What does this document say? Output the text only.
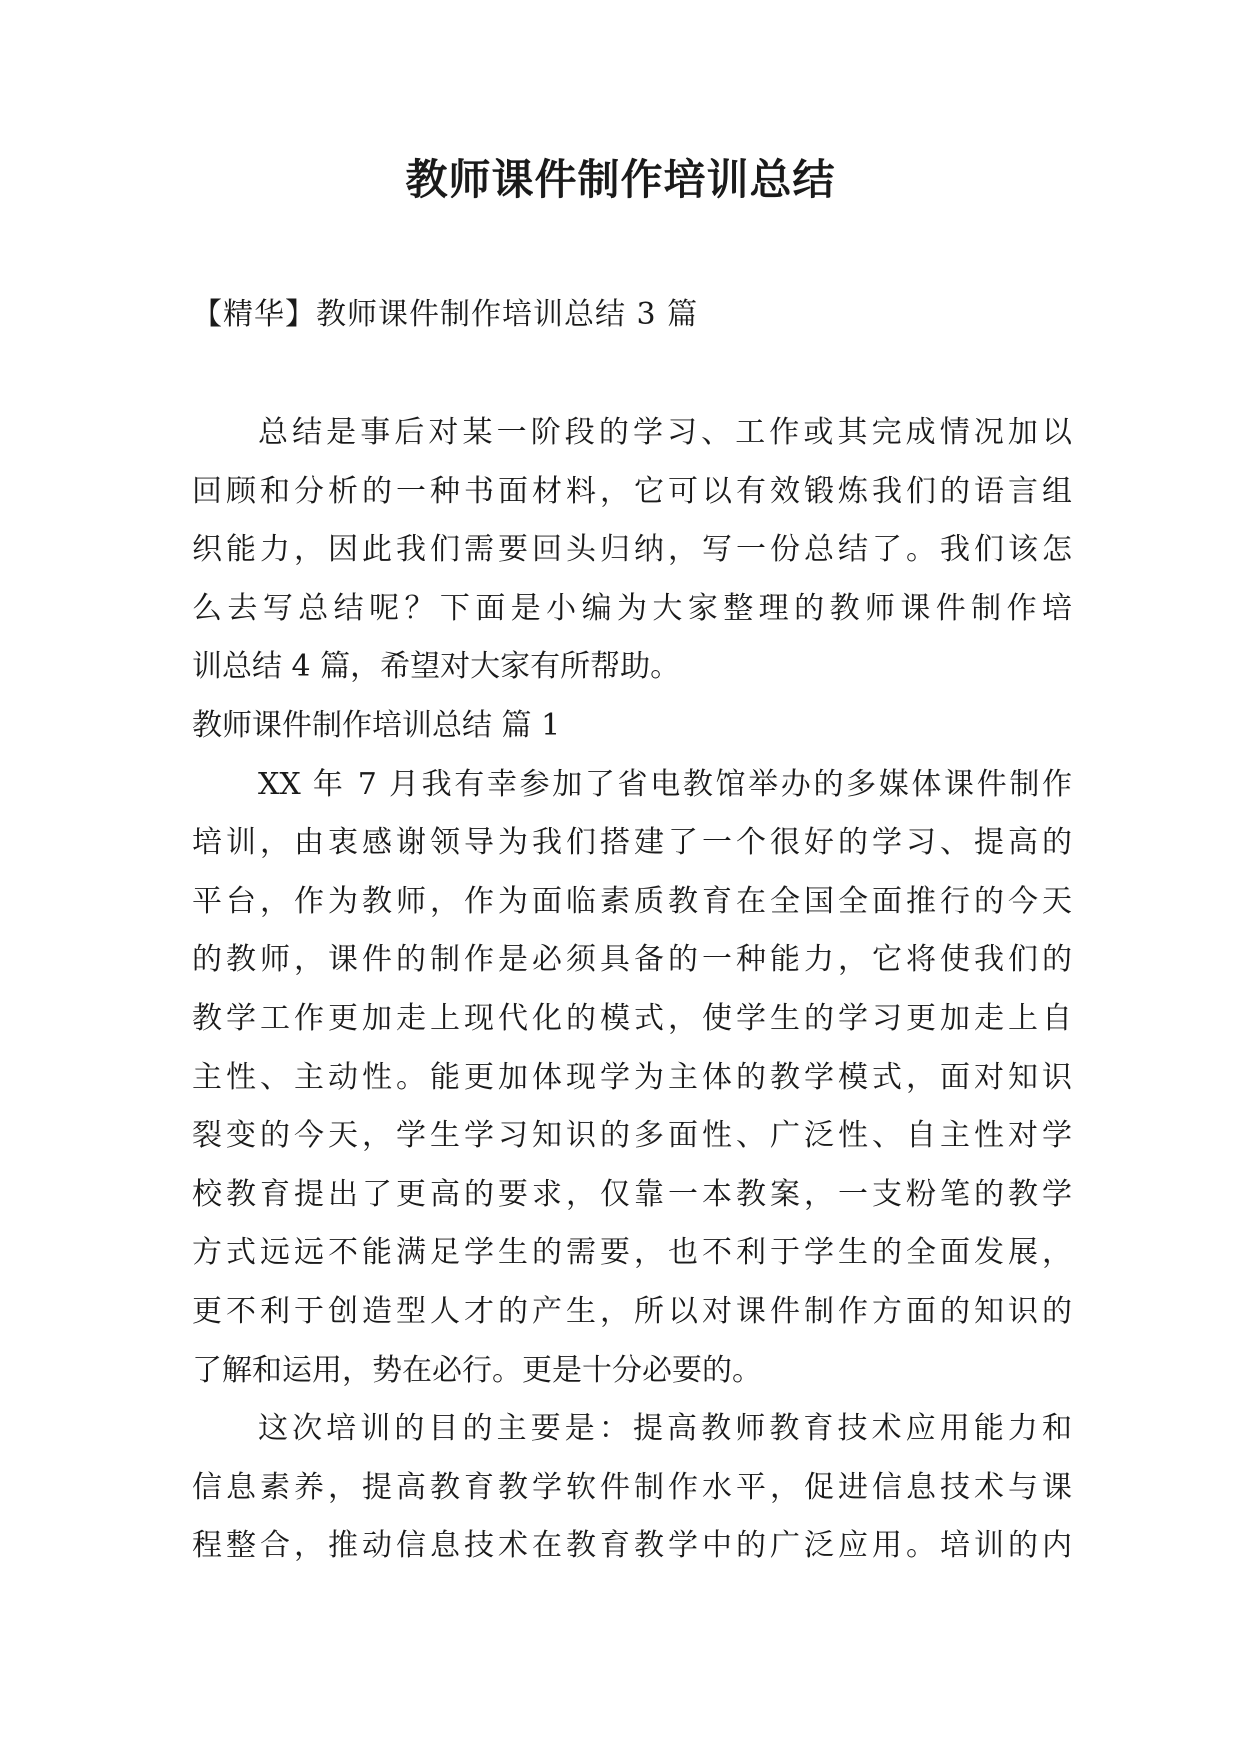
教师课件制作培训总结
【精华】教师课件制作培训总结 3 篇
总结是事后对某一阶段的学习、工作或其完成情况加以
回顾和分析的一种书面材料，它可以有效锻炼我们的语言组
织能力，因此我们需要回头归纳，写一份总结了。我们该怎
么去写总结呢？下面是小编为大家整理的教师课件制作培
训总结 4 篇，希望对大家有所帮助。
教师课件制作培训总结 篇 1
XX 年 7 月我有幸参加了省电教馆举办的多媒体课件制作
培训，由衷感谢领导为我们搭建了一个很好的学习、提高的
平台，作为教师，作为面临素质教育在全国全面推行的今天
的教师，课件的制作是必须具备的一种能力，它将使我们的
教学工作更加走上现代化的模式，使学生的学习更加走上自
主性、主动性。能更加体现学为主体的教学模式，面对知识
裂变的今天，学生学习知识的多面性、广泛性、自主性对学
校教育提出了更高的要求，仅靠一本教案，一支粉笔的教学
方式远远不能满足学生的需要，也不利于学生的全面发展，
更不利于创造型人才的产生，所以对课件制作方面的知识的
了解和运用，势在必行。更是十分必要的。
这次培训的目的主要是：提高教师教育技术应用能力和
信息素养，提高教育教学软件制作水平，促进信息技术与课
程整合，推动信息技术在教育教学中的广泛应用。培训的内
